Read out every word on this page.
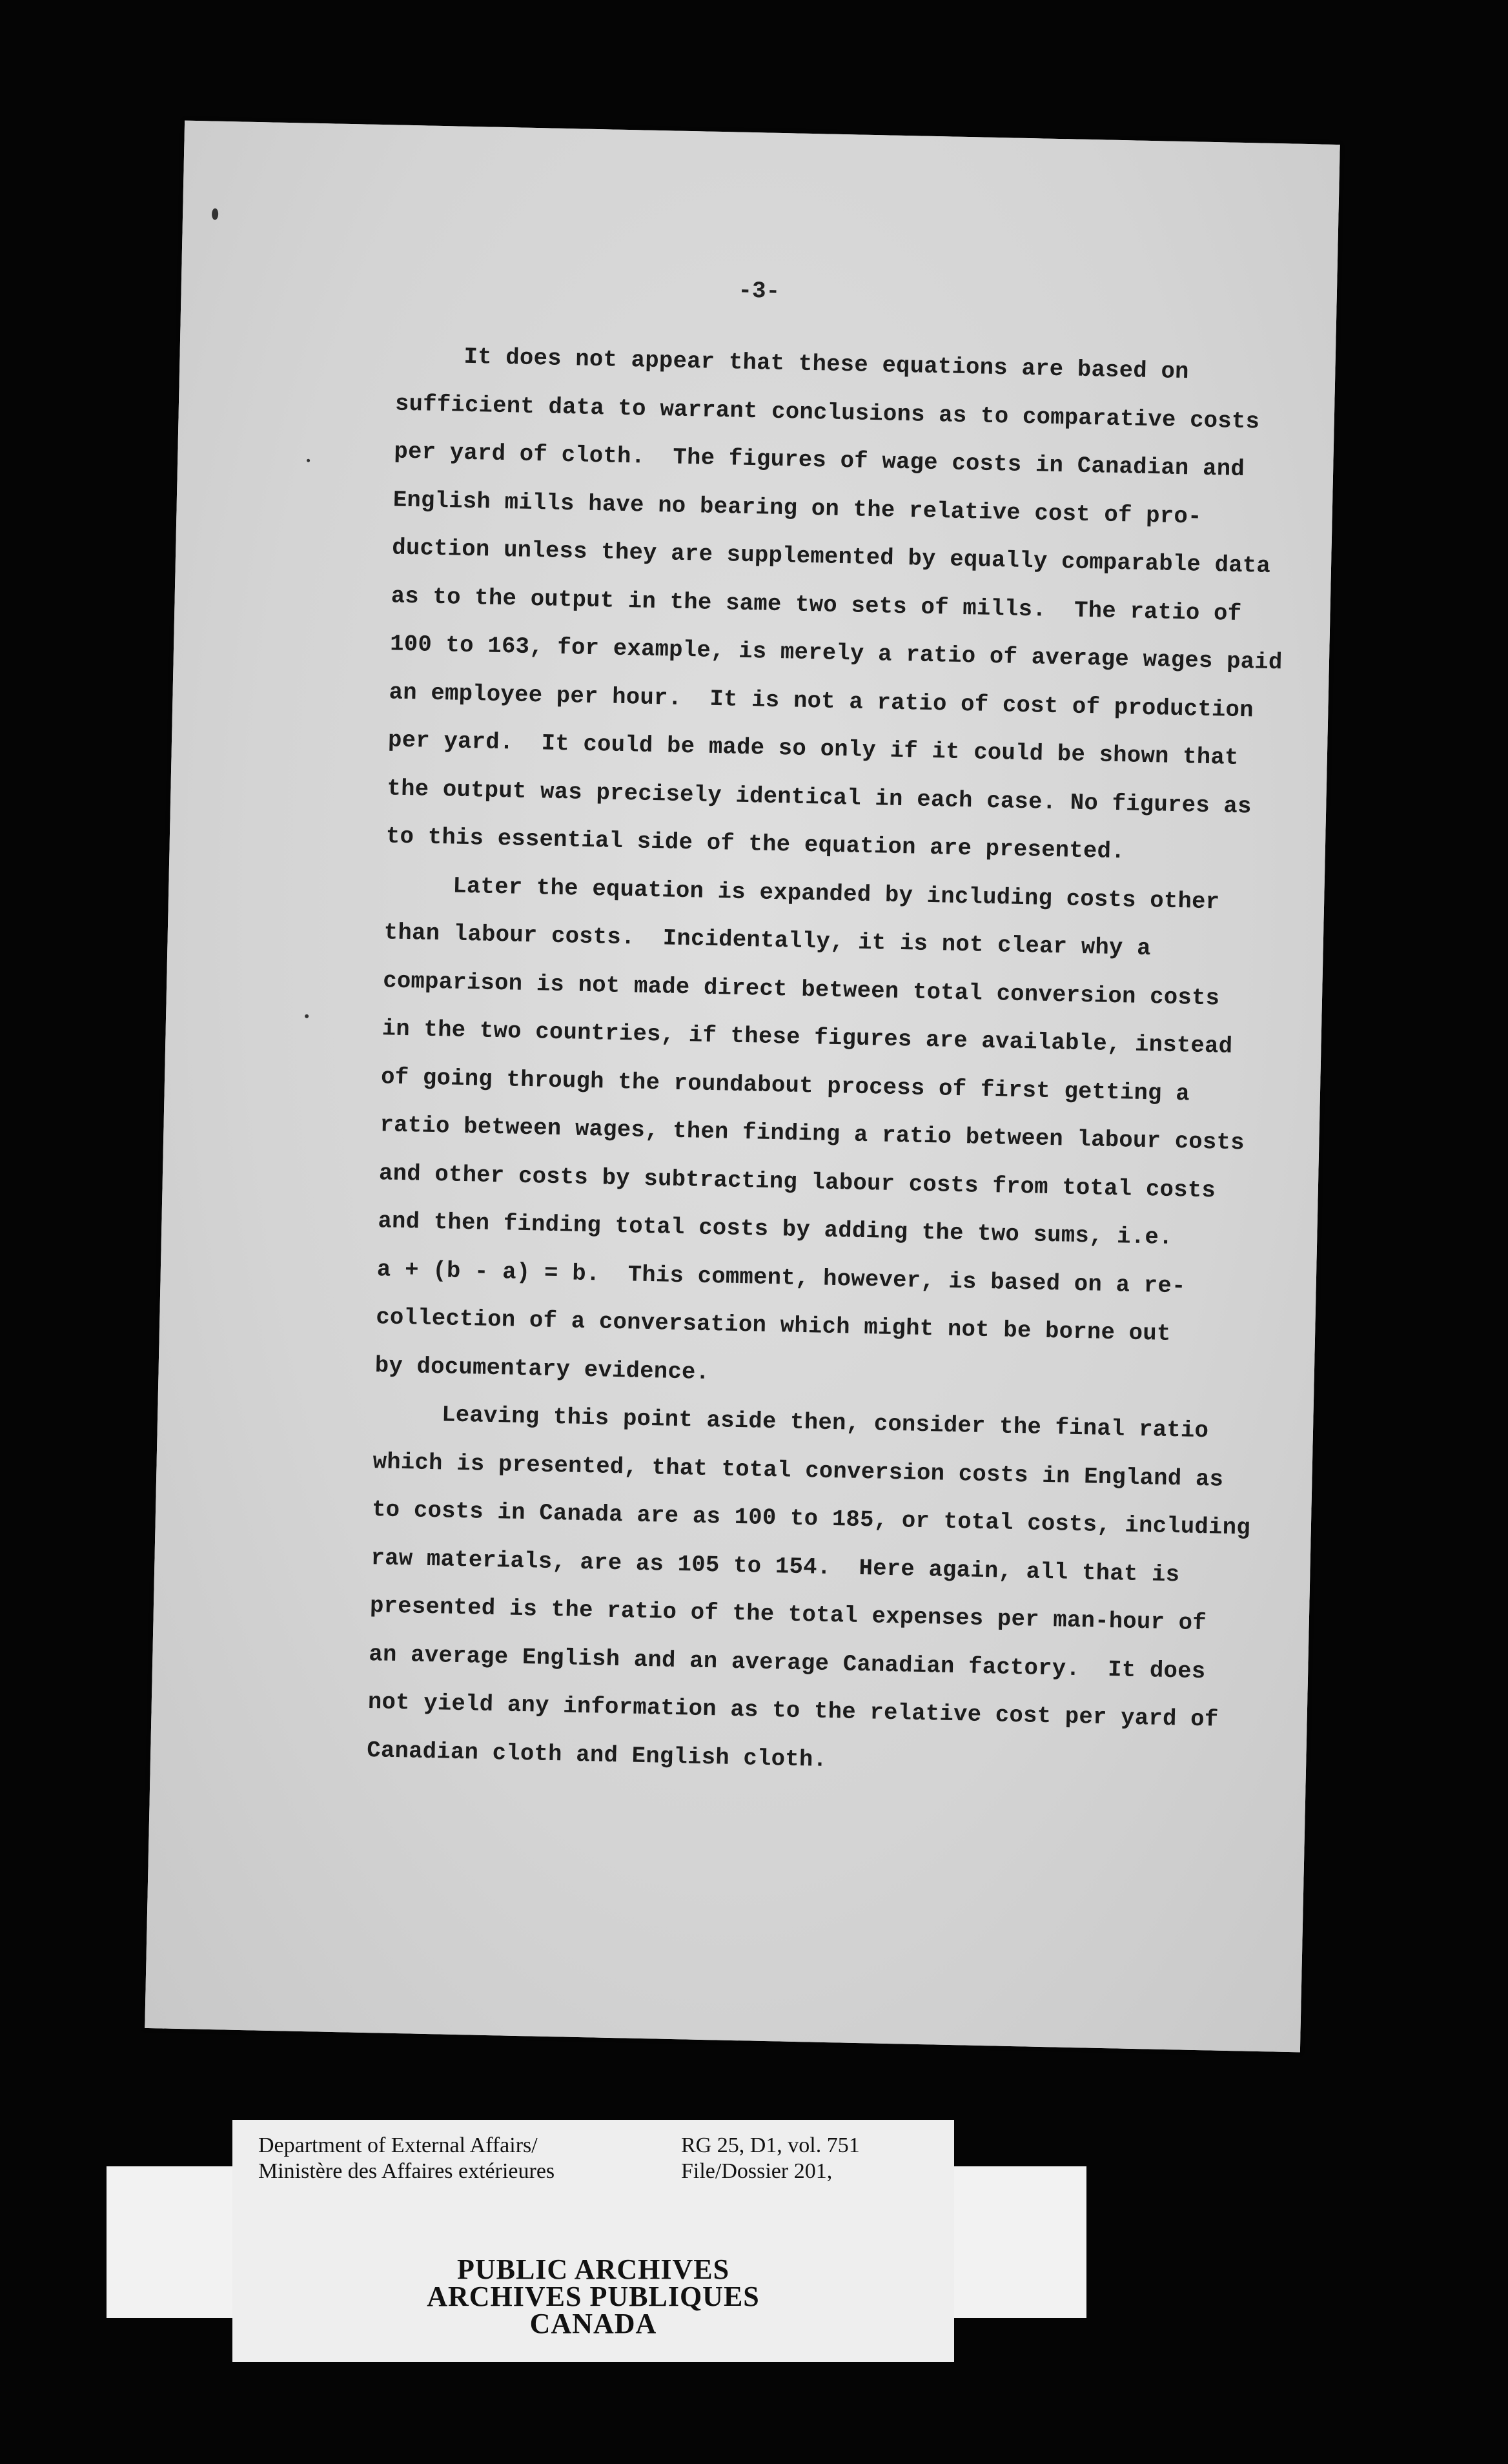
-3-
It does not appear that these equations are based on
sufficient data to warrant conclusions as to comparative costs
per yard of cloth.  The figures of wage costs in Canadian and
English mills have no bearing on the relative cost of pro-
duction unless they are supplemented by equally comparable data
as to the output in the same two sets of mills.  The ratio of
100 to 163, for example, is merely a ratio of average wages paid
an employee per hour.  It is not a ratio of cost of production
per yard.  It could be made so only if it could be shown that
the output was precisely identical in each case. No figures as
to this essential side of the equation are presented.
Later the equation is expanded by including costs other
than labour costs.  Incidentally, it is not clear why a
comparison is not made direct between total conversion costs
in the two countries, if these figures are available, instead
of going through the roundabout process of first getting a
ratio between wages, then finding a ratio between labour costs
and other costs by subtracting labour costs from total costs
and then finding total costs by adding the two sums, i.e.
a + (b - a) = b.  This comment, however, is based on a re-
collection of a conversation which might not be borne out
by documentary evidence.
Leaving this point aside then, consider the final ratio
which is presented, that total conversion costs in England as
to costs in Canada are as 100 to 185, or total costs, including
raw materials, are as 105 to 154.  Here again, all that is
presented is the ratio of the total expenses per man-hour of
an average English and an average Canadian factory.  It does
not yield any information as to the relative cost per yard of
Canadian cloth and English cloth.
Department of External Affairs/
Ministère des Affaires extérieures
RG 25, D1, vol. 751
File/Dossier 201,
PUBLIC ARCHIVES
ARCHIVES PUBLIQUES
CANADA
